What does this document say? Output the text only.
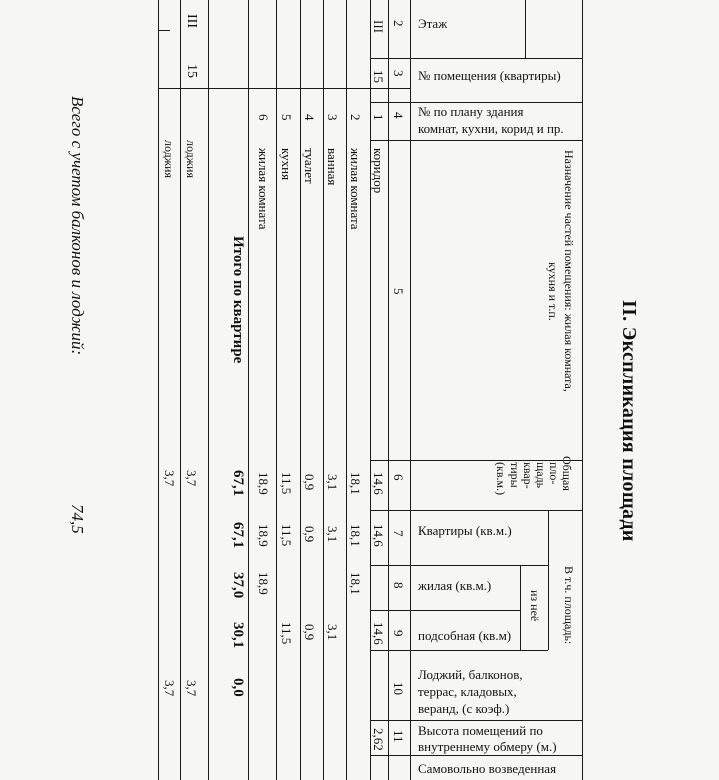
II. Экспликация площади
Этаж
№ помещения (квартиры)
№ по плану здания
комнат, кухни, корид и пр.
Квартиры (кв.м.)
жилая (кв.м.)
подсобная (кв.м)
Лоджий, балконов,
террас, кладовых,
веранд, (с коэф.)
Высота помещений по
внутреннему обмеру (м.)
Самовольно возведенная
Назначение частей помещения: жилая комната,
кухня и т.п.
Общая
пло-
щадь
квар-
тиры
(кв.м.)
В т.ч. площадь:
из неё
2
3
4
5
6
7
8
9
10
11
III
15
1
коридор
14,6
14,6
14,6
2,62
2
жилая комната
18,1
18,1
18,1
3
ванная
3,1
3,1
3,1
4
туалет
0,9
0,9
0,9
5
кухня
11,5
11,5
11,5
6
жилая комната
18,9
18,9
18,9
Итого по квартире
67,1
67,1
37,0
30,1
0,0
III
15
лоджия
3,7
3,7
лоджия
3,7
3,7
Всего с учетом балконов и лоджий:
74,5
